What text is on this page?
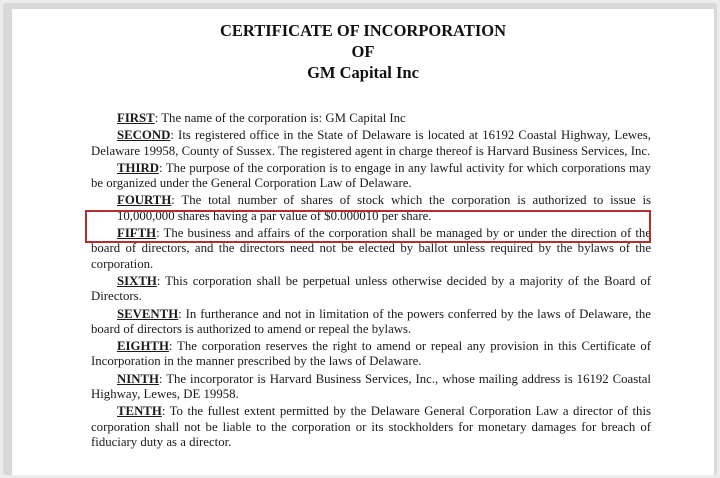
CERTIFICATE OF INCORPORATION
OF
GM Capital Inc

FIRST: The name of the corporation is: GM Capital Inc

SECOND: Its registered office in the State of Delaware is located at 16192 Coastal Highway, Lewes, Delaware 19958, County of Sussex. The registered agent in charge thereof is Harvard Business Services, Inc.

THIRD: The purpose of the corporation is to engage in any lawful activity for which corporations may be organized under the General Corporation Law of Delaware.

FOURTH: The total number of shares of stock which the corporation is authorized to issue is 10,000,000 shares having a par value of $0.000010 per share.

FIFTH: The business and affairs of the corporation shall be managed by or under the direction of the board of directors, and the directors need not be elected by ballot unless required by the bylaws of the corporation.

SIXTH: This corporation shall be perpetual unless otherwise decided by a majority of the Board of Directors.

SEVENTH: In furtherance and not in limitation of the powers conferred by the laws of Delaware, the board of directors is authorized to amend or repeal the bylaws.

EIGHTH: The corporation reserves the right to amend or repeal any provision in this Certificate of Incorporation in the manner prescribed by the laws of Delaware.

NINTH: The incorporator is Harvard Business Services, Inc., whose mailing address is 16192 Coastal Highway, Lewes, DE 19958.

TENTH: To the fullest extent permitted by the Delaware General Corporation Law a director of this corporation shall not be liable to the corporation or its stockholders for monetary damages for breach of fiduciary duty as a director.
